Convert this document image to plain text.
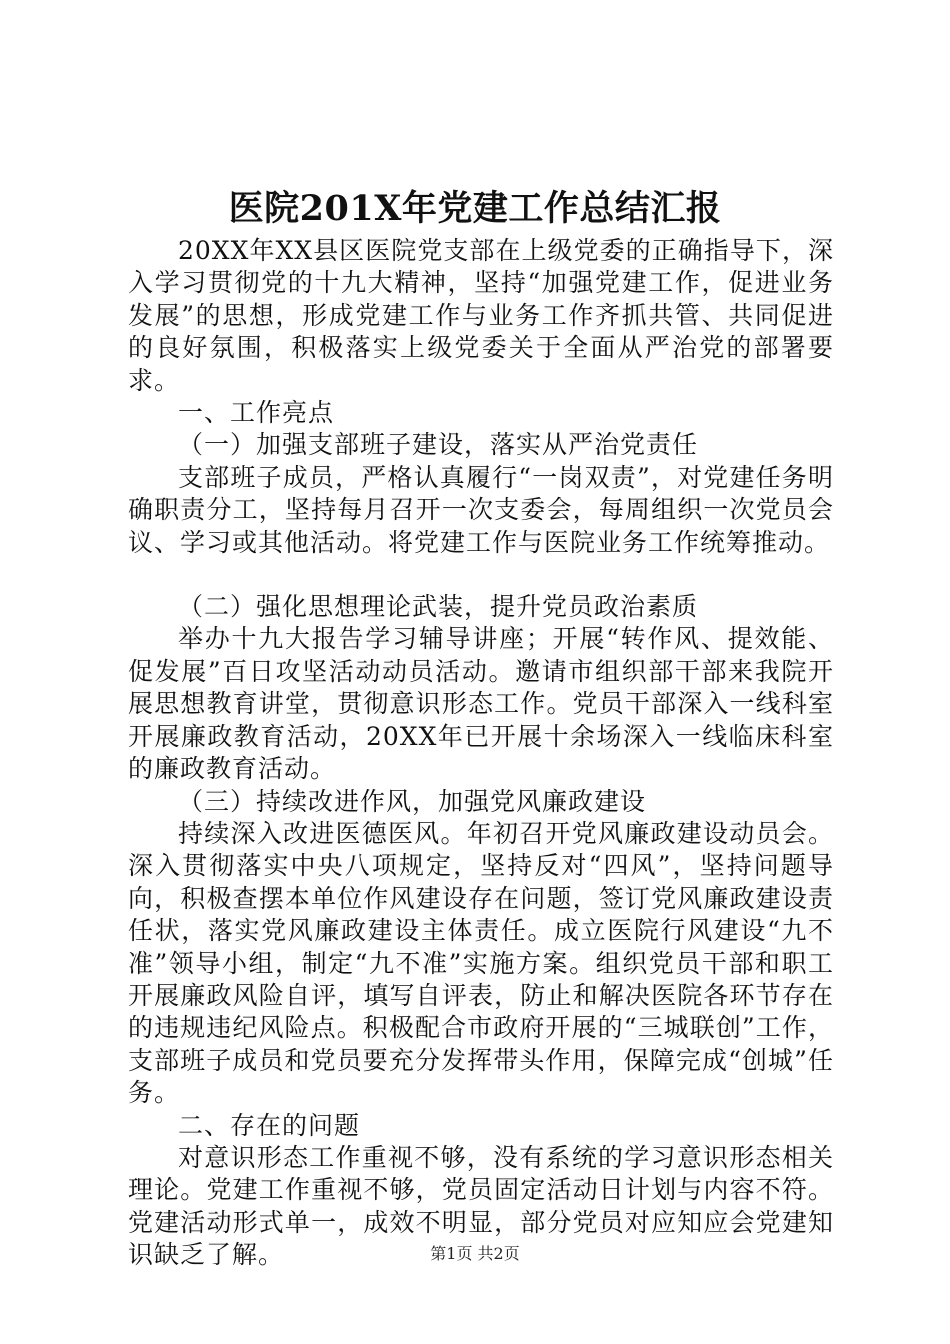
医院201X年党建工作总结汇报

20XX年XX县区医院党支部在上级党委的正确指导下，深入学习贯彻党的十九大精神，坚持“加强党建工作，促进业务发展”的思想，形成党建工作与业务工作齐抓共管、共同促进的良好氛围，积极落实上级党委关于全面从严治党的部署要求。

一、工作亮点

（一）加强支部班子建设，落实从严治党责任

支部班子成员，严格认真履行“一岗双责”，对党建任务明确职责分工，坚持每月召开一次支委会，每周组织一次党员会议、学习或其他活动。将党建工作与医院业务工作统筹推动。

（二）强化思想理论武装，提升党员政治素质

举办十九大报告学习辅导讲座；开展“转作风、提效能、促发展”百日攻坚活动动员活动。邀请市组织部干部来我院开展思想教育讲堂，贯彻意识形态工作。党员干部深入一线科室开展廉政教育活动，20XX年已开展十余场深入一线临床科室的廉政教育活动。

（三）持续改进作风，加强党风廉政建设

持续深入改进医德医风。年初召开党风廉政建设动员会。深入贯彻落实中央八项规定，坚持反对“四风”，坚持问题导向，积极查摆本单位作风建设存在问题，签订党风廉政建设责任状，落实党风廉政建设主体责任。成立医院行风建设“九不准”领导小组，制定“九不准”实施方案。组织党员干部和职工开展廉政风险自评，填写自评表，防止和解决医院各环节存在的违规违纪风险点。积极配合市政府开展的“三城联创”工作，支部班子成员和党员要充分发挥带头作用，保障完成“创城”任务。

二、存在的问题

对意识形态工作重视不够，没有系统的学习意识形态相关理论。党建工作重视不够，党员固定活动日计划与内容不符。党建活动形式单一，成效不明显，部分党员对应知应会党建知识缺乏了解。	第1页 共2页
